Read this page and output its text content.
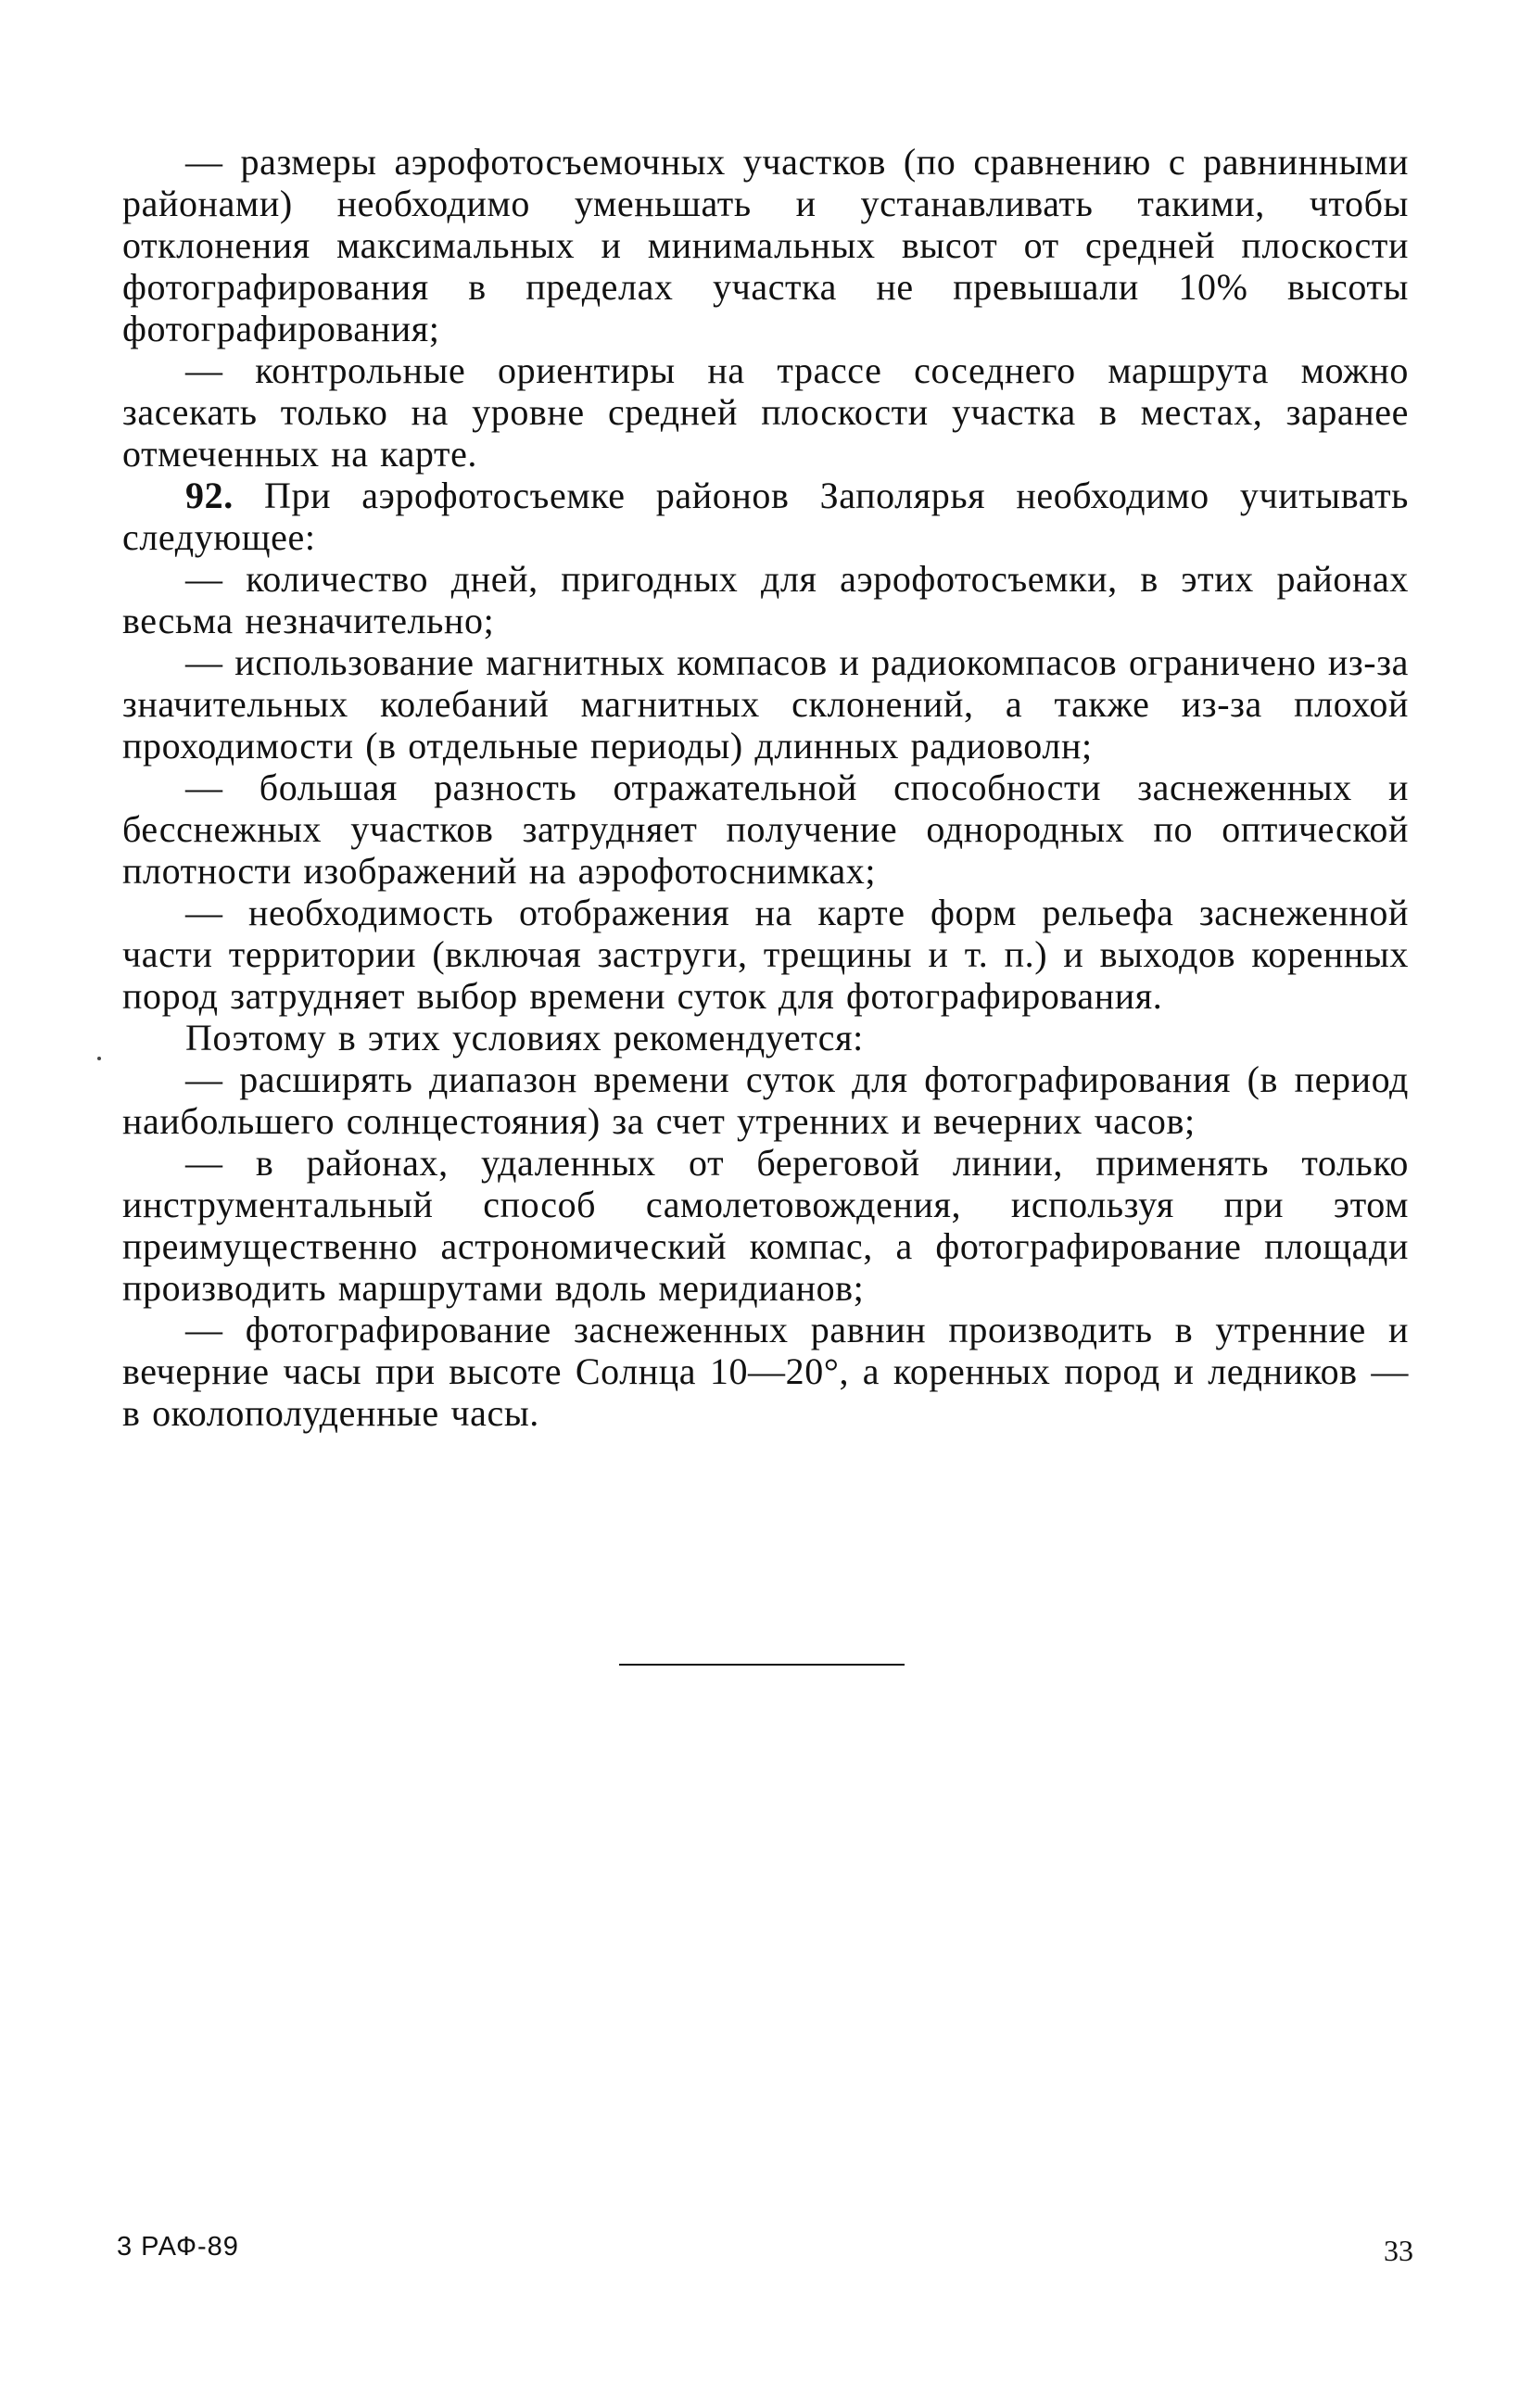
— размеры аэрофотосъемочных участков (по сравнению с равнинными районами) необходимо уменьшать и устанавливать такими, чтобы отклонения максимальных и минимальных высот от средней плоскости фотографирования в пределах участка не превышали 10% высоты фотографирования;

— контрольные ориентиры на трассе соседнего маршрута можно засекать только на уровне средней плоскости участка в местах, заранее отмеченных на карте.

92. При аэрофотосъемке районов Заполярья необходимо учитывать следующее:

— количество дней, пригодных для аэрофотосъемки, в этих районах весьма незначительно;

— использование магнитных компасов и радиокомпасов ограничено из-за значительных колебаний магнитных склонений, а также из-за плохой проходимости (в отдельные периоды) длинных радиоволн;

— большая разность отражательной способности заснеженных и бесснежных участков затрудняет получение однородных по оптической плотности изображений на аэрофотоснимках;

— необходимость отображения на карте форм рельефа заснеженной части территории (включая заструги, трещины и т. п.) и выходов коренных пород затрудняет выбор времени суток для фотографирования.

Поэтому в этих условиях рекомендуется:

— расширять диапазон времени суток для фотографирования (в период наибольшего солнцестояния) за счет утренних и вечерних часов;

— в районах, удаленных от береговой линии, применять только инструментальный способ самолетовождения, используя при этом преимущественно астрономический компас, а фотографирование площади производить маршрутами вдоль меридианов;

— фотографирование заснеженных равнин производить в утренние и вечерние часы при высоте Солнца 10—20°, а коренных пород и ледников — в околополуденные часы.

3 РАФ-89	33
